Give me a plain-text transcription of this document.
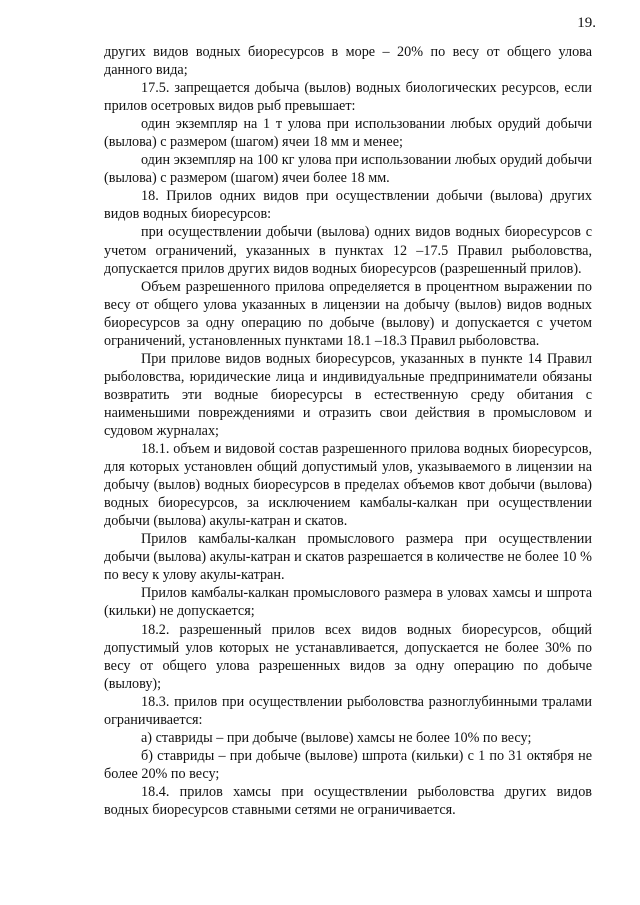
19.

других видов водных биоресурсов в море – 20% по весу от общего улова данного вида;

17.5. запрещается добыча (вылов) водных биологических ресурсов, если прилов осетровых видов рыб превышает:

один экземпляр на 1 т улова при использовании любых орудий добычи (вылова) с размером (шагом) ячеи 18 мм и менее;

один экземпляр на 100 кг улова при использовании любых орудий добычи (вылова) с размером (шагом) ячеи более 18 мм.

18. Прилов одних видов при осуществлении добычи (вылова) других видов водных биоресурсов:

при осуществлении добычи (вылова) одних видов водных биоресурсов с учетом ограничений, указанных в пунктах 12 –17.5 Правил рыболовства, допускается прилов других видов водных биоресурсов (разрешенный прилов).

Объем разрешенного прилова определяется в процентном выражении по весу от общего улова указанных в лицензии на добычу (вылов) видов водных биоресурсов за одну операцию по добыче (вылову) и допускается с учетом ограничений, установленных пунктами 18.1 –18.3 Правил рыболовства.

При прилове видов водных биоресурсов, указанных в пункте 14 Правил рыболовства, юридические лица и индивидуальные предприниматели обязаны возвратить эти водные биоресурсы в естественную среду обитания с наименьшими повреждениями и отразить свои действия в промысловом и судовом журналах;

18.1. объем и видовой состав разрешенного прилова водных биоресурсов, для которых установлен общий допустимый улов, указываемого в лицензии на добычу (вылов) водных биоресурсов в пределах объемов квот добычи (вылова) водных биоресурсов, за исключением камбалы-калкан при осуществлении добычи (вылова) акулы-катран и скатов.

Прилов камбалы-калкан промыслового размера при осуществлении добычи (вылова) акулы-катран и скатов разрешается в количестве не более 10 % по весу к улову акулы-катран.

Прилов камбалы-калкан промыслового размера в уловах хамсы и шпрота (кильки) не допускается;

18.2. разрешенный прилов всех видов водных биоресурсов, общий допустимый улов которых не устанавливается, допускается не более 30% по весу от общего улова разрешенных видов за одну операцию по добыче (вылову);

18.3. прилов при осуществлении рыболовства разноглубинными тралами ограничивается:

а) ставриды – при добыче (вылове) хамсы не более 10% по весу;

б) ставриды – при добыче (вылове) шпрота (кильки) с 1 по 31 октября не более 20% по весу;

18.4. прилов хамсы при осуществлении рыболовства других видов водных биоресурсов ставными сетями не ограничивается.
